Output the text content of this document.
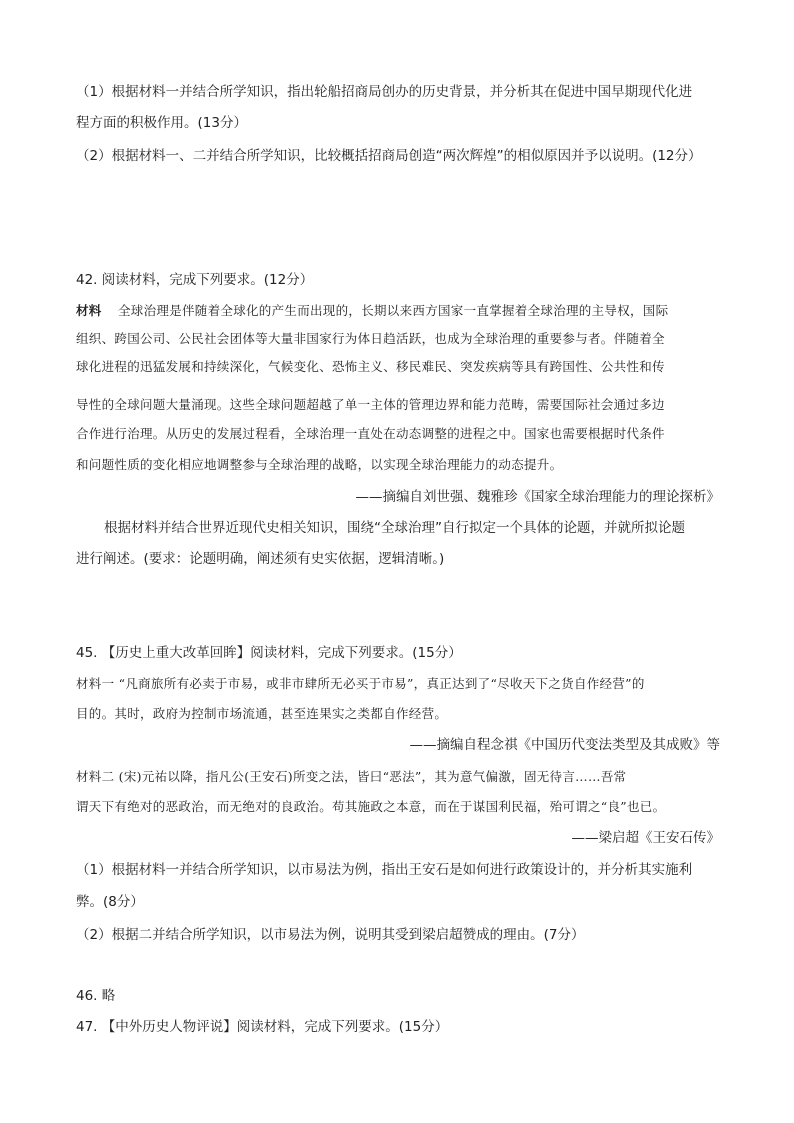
（1）根据材料一并结合所学知识，指出轮船招商局创办的历史背景，并分析其在促进中国早期现代化进
程方面的积极作用。(13分）
（2）根据材料一、二并结合所学知识，比较概括招商局创造“两次辉煌”的相似原因并予以说明。(12分）
42. 阅读材料，完成下列要求。(12分）
材料 全球治理是伴随着全球化的产生而出现的，长期以来西方国家一直掌握着全球治理的主导权，国际
组织、跨国公司、公民社会团体等大量非国家行为体日趋活跃，也成为全球治理的重要参与者。伴随着全
球化进程的迅猛发展和持续深化，气候变化、恐怖主义、移民难民、突发疾病等具有跨国性、公共性和传
导性的全球问题大量涌现。这些全球问题超越了单一主体的管理边界和能力范畴，需要国际社会通过多边
合作进行治理。从历史的发展过程看，全球治理一直处在动态调整的进程之中。国家也需要根据时代条件
和问题性质的变化相应地调整参与全球治理的战略，以实现全球治理能力的动态提升。
——摘编自刘世强、魏雅珍《国家全球治理能力的理论探析》
根据材料并结合世界近现代史相关知识，围绕“全球治理”自行拟定一个具体的论题，并就所拟论题
进行阐述。(要求：论题明确，阐述须有史实依据，逻辑清晰。)
45. 【历史上重大改革回眸】阅读材料，完成下列要求。(15分）
材料一 “凡商旅所有必卖于市易，或非市肆所无必买于市易”，真正达到了“尽收天下之货自作经营”的
目的。其时，政府为控制市场流通，甚至连果实之类都自作经营。
——摘编自程念祺《中国历代变法类型及其成败》等
材料二 (宋)元祐以降，指凡公(王安石)所变之法，皆曰“恶法”，其为意气偏激，固无待言……吾常
谓天下有绝对的恶政治，而无绝对的良政治。苟其施政之本意，而在于谋国利民福，殆可谓之“良”也已。
——梁启超《王安石传》
（1）根据材料一并结合所学知识，以市易法为例，指出王安石是如何进行政策设计的，并分析其实施利
弊。(8分）
（2）根据二并结合所学知识，以市易法为例，说明其受到梁启超赞成的理由。(7分）
46. 略
47. 【中外历史人物评说】阅读材料，完成下列要求。(15分）
